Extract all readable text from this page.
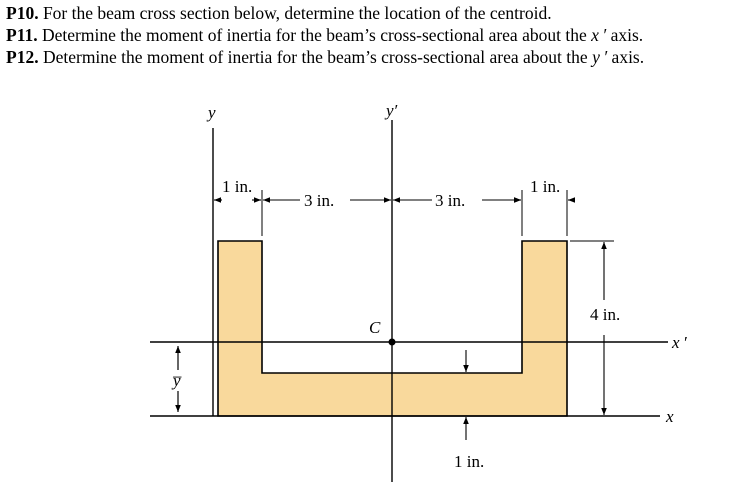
P10. For the beam cross section below, determine the location of the centroid.
P11. Determine the moment of inertia for the beam’s cross-sectional area about the x ′ axis.
P12. Determine the moment of inertia for the beam’s cross-sectional area about the y ′ axis.
y	y′
x ′
x
C
y̅
1 in.
3 in.	3 in.
1 in.
4 in.
1 in.
